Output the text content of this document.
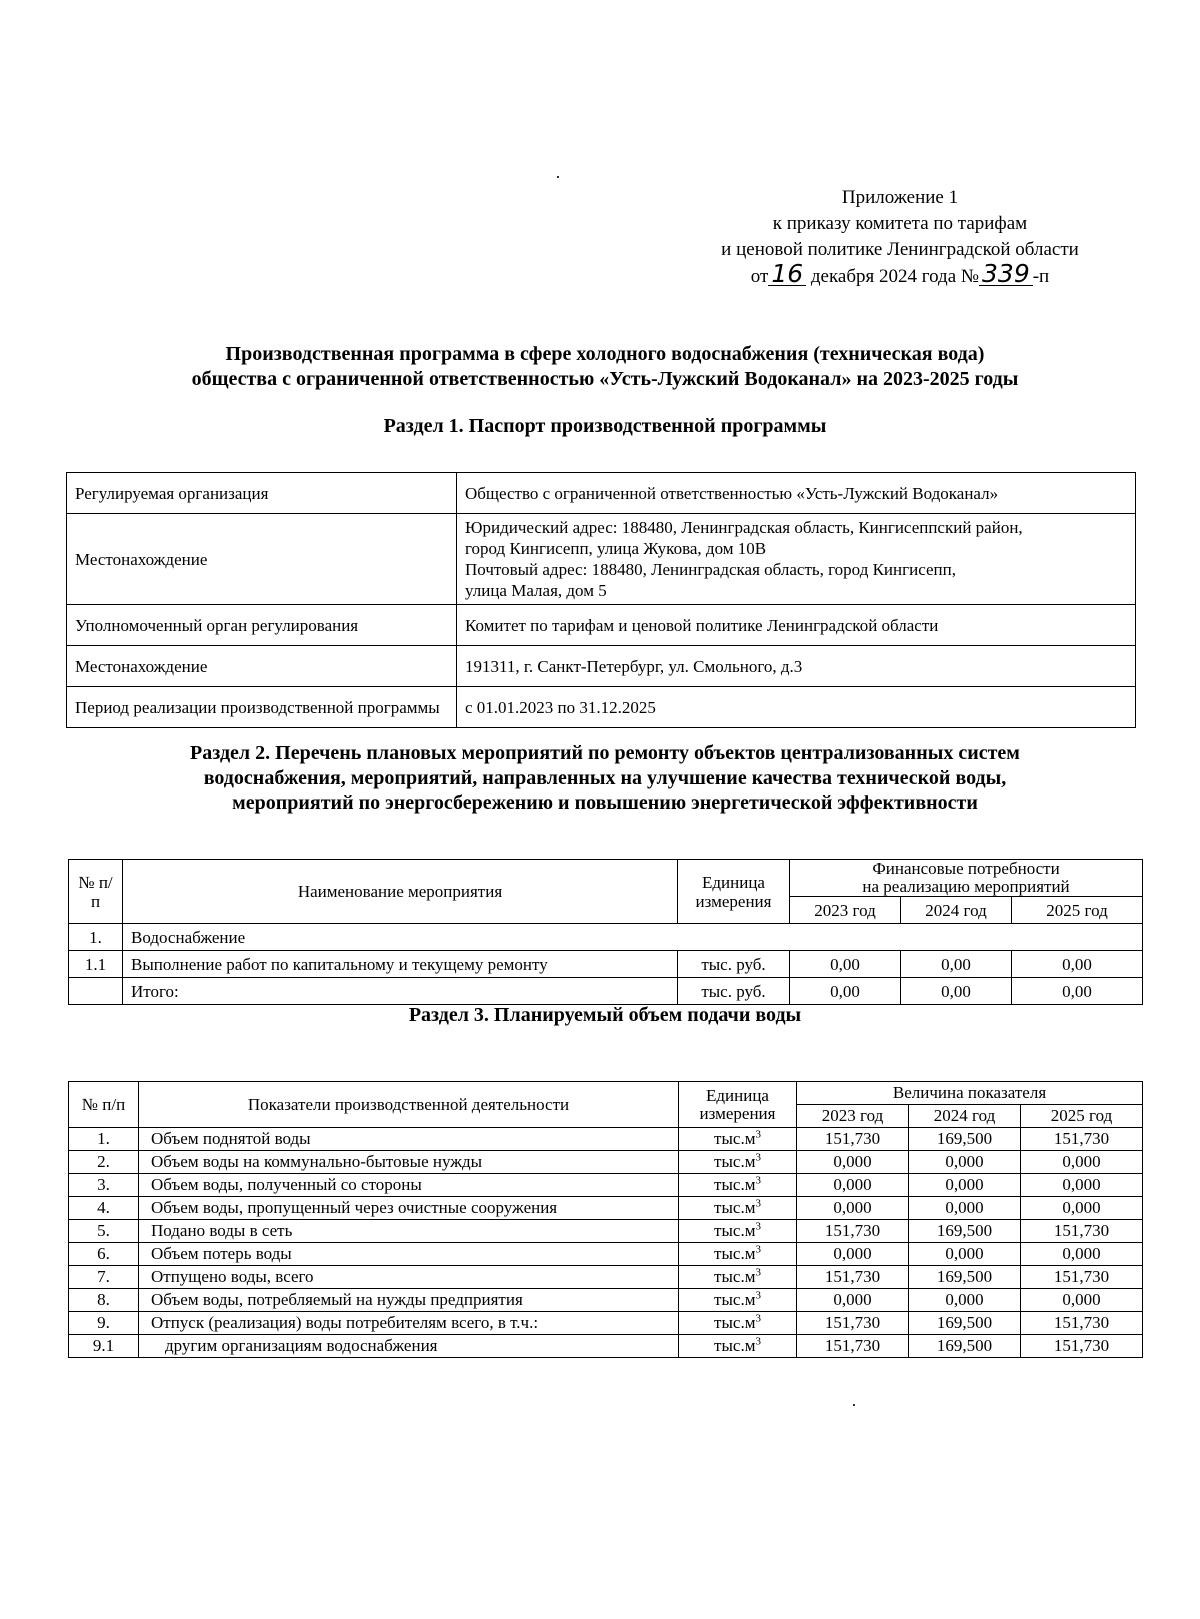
Приложение 1
к приказу комитета по тарифам
и ценовой политике Ленинградской области
от 16 декабря 2024 года № 339 -п
Производственная программа в сфере холодного водоснабжения (техническая вода)
общества с ограниченной ответственностью «Усть-Лужский Водоканал» на 2023-2025 годы
Раздел 1. Паспорт производственной программы
Регулируемая организация	Общество с ограниченной ответственностью «Усть-Лужский Водоканал»
Местонахождение	Юридический адрес: 188480, Ленинградская область, Кингисеппский район,
город Кингисепп, улица Жукова, дом 10В
Почтовый адрес: 188480, Ленинградская область, город Кингисепп,
улица Малая, дом 5
Уполномоченный орган регулирования	Комитет по тарифам и ценовой политике Ленинградской области
Местонахождение	191311, г. Санкт-Петербург, ул. Смольного, д.3
Период реализации производственной программы	с 01.01.2023 по 31.12.2025
Раздел 2. Перечень плановых мероприятий по ремонту объектов централизованных систем
водоснабжения, мероприятий, направленных на улучшение качества технической воды,
мероприятий по энергосбережению и повышению энергетической эффективности
№ п/п	Наименование мероприятия	Единица измерения	Финансовые потребности
на реализацию мероприятий		
			2023 год	2024 год	2025 год
1.	Водоснабжение				
1.1	Выполнение работ по капитальному и текущему ремонту	тыс. руб.	0,00	0,00	0,00
	Итого:	тыс. руб.	0,00	0,00	0,00
Раздел 3. Планируемый объем подачи воды
№ п/п	Показатели производственной деятельности	Единица измерения	Величина показателя		
			2023 год	2024 год	2025 год
1.	Объем поднятой воды	$тыс.м^3$	151,730	169,500	151,730
2.	Объем воды на коммунально-бытовые нужды	$тыс.м^3$	0,000	0,000	0,000
3.	Объем воды, полученный со стороны	$тыс.м^3$	0,000	0,000	0,000
4.	Объем воды, пропущенный через очистные сооружения	$тыс.м^3$	0,000	0,000	0,000
5.	Подано воды в сеть	$тыс.м^3$	151,730	169,500	151,730
6.	Объем потерь воды	$тыс.м^3$	0,000	0,000	0,000
7.	Отпущено воды, всего	$тыс.м^3$	151,730	169,500	151,730
8.	Объем воды, потребляемый на нужды предприятия	$тыс.м^3$	0,000	0,000	0,000
9.	Отпуск (реализация) воды потребителям всего, в т.ч.:	$тыс.м^3$	151,730	169,500	151,730
9.1	другим организациям водоснабжения	$тыс.м^3$	151,730	169,500	151,730
